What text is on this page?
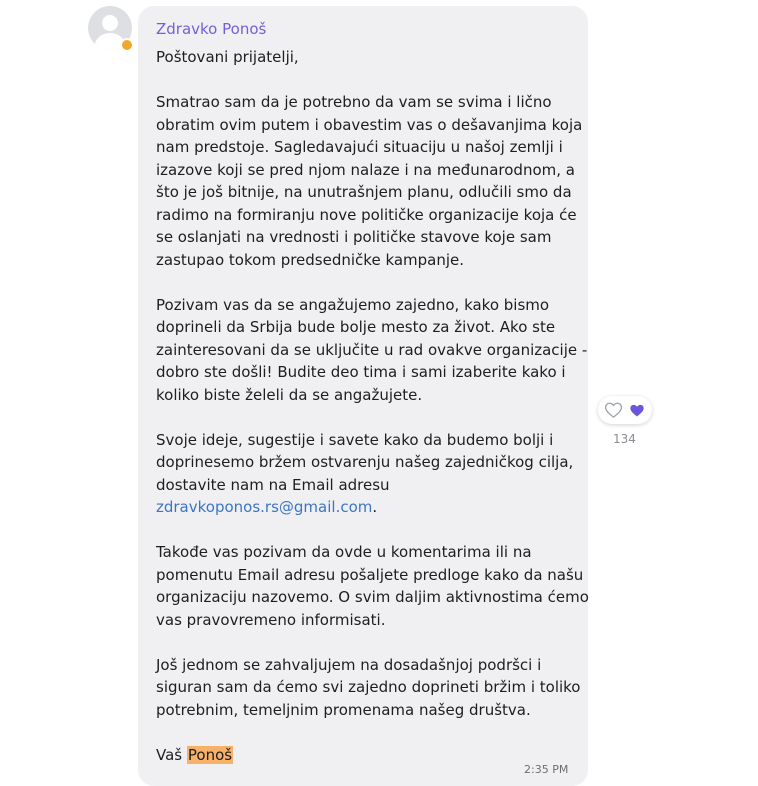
Zdravko Ponoš

Poštovani prijatelji,

Smatrao sam da je potrebno da vam se svima i lično

obratim ovim putem i obavestim vas o dešavanjima koja

nam predstoje. Sagledavajući situaciju u našoj zemlji i

izazove koji se pred njom nalaze i na međunarodnom, a

što je još bitnije, na unutrašnjem planu, odlučili smo da

radimo na formiranju nove političke organizacije koja će

se oslanjati na vrednosti i političke stavove koje sam

zastupao tokom predsedničke kampanje.

Pozivam vas da se angažujemo zajedno, kako bismo

doprineli da Srbija bude bolje mesto za život. Ako ste

zainteresovani da se uključite u rad ovakve organizacije -

dobro ste došli! Budite deo tima i sami izaberite kako i

koliko biste želeli da se angažujete.

Svoje ideje, sugestije i savete kako da budemo bolji i

doprinesemo bržem ostvarenju našeg zajedničkog cilja,

dostavite nam na Email adresu

zdravkoponos.rs@gmail.com.

Takođe vas pozivam da ovde u komentarima ili na

pomenutu Email adresu pošaljete predloge kako da našu

organizaciju nazovemo. O svim daljim aktivnostima ćemo

vas pravovremeno informisati.

Još jednom se zahvaljujem na dosadašnjoj podršci i

siguran sam da ćemo svi zajedno doprineti bržim i toliko

potrebnim, temeljnim promenama našeg društva.

Vaš Ponoš

134
2:35 PM
